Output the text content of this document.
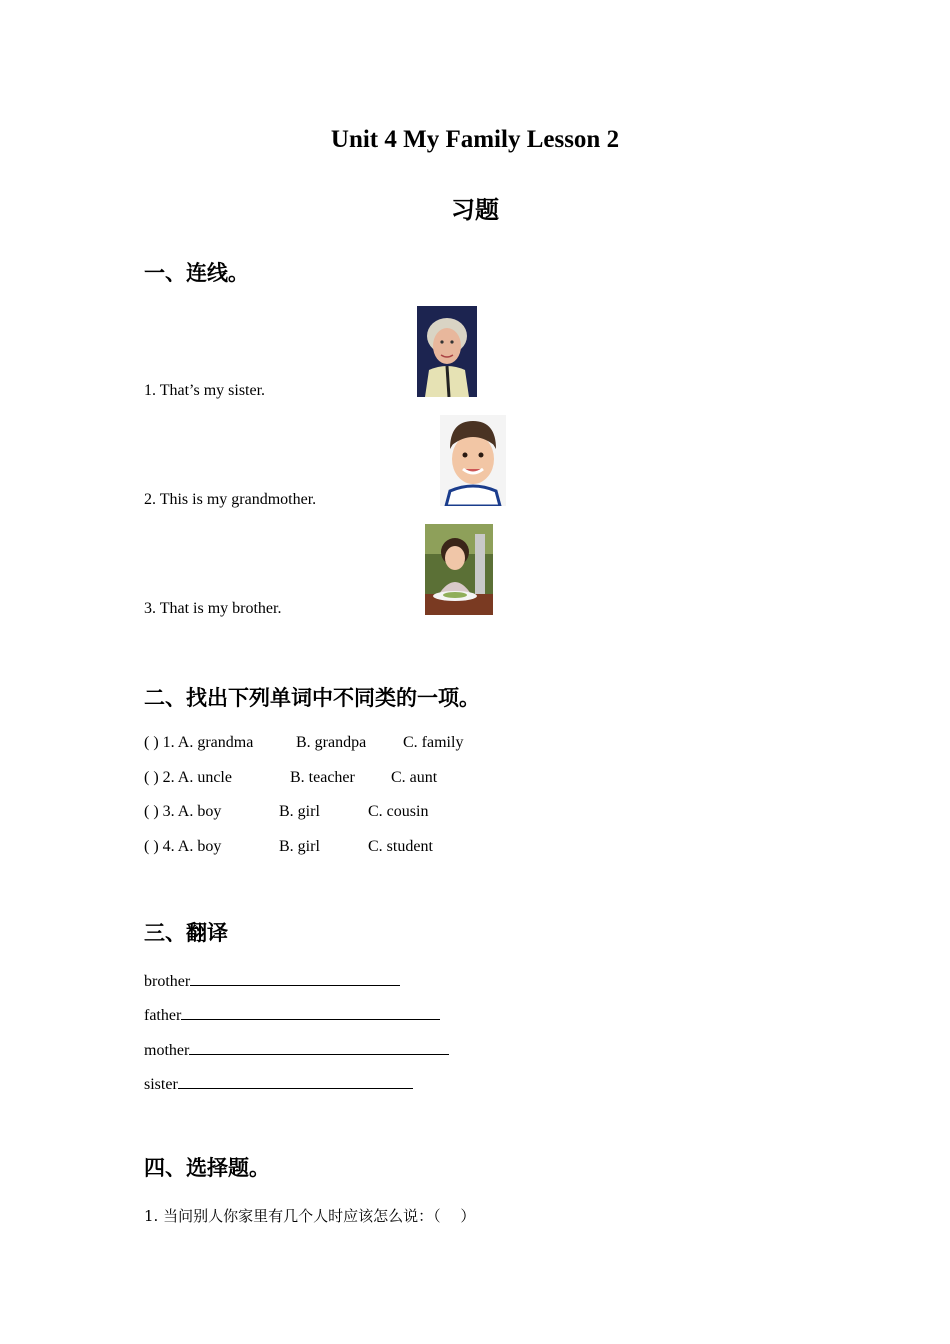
Unit 4 My Family Lesson 2
习题
一、连线。
1. That’s my sister.
2. This is my grandmother.
3. That is my brother.
二、找出下列单词中不同类的一项。
( ) 1. A. grandma	B. grandpa C. family
( ) 2. A. uncle	B. teacher C. aunt
( ) 3. A. boy	B. girl	C. cousin
( ) 4. A. boy	B. girl	C. student
三、翻译
brother
father
mother
sister
四、选择题。
1. 当问别人你家里有几个人时应该怎么说：（　 ）
